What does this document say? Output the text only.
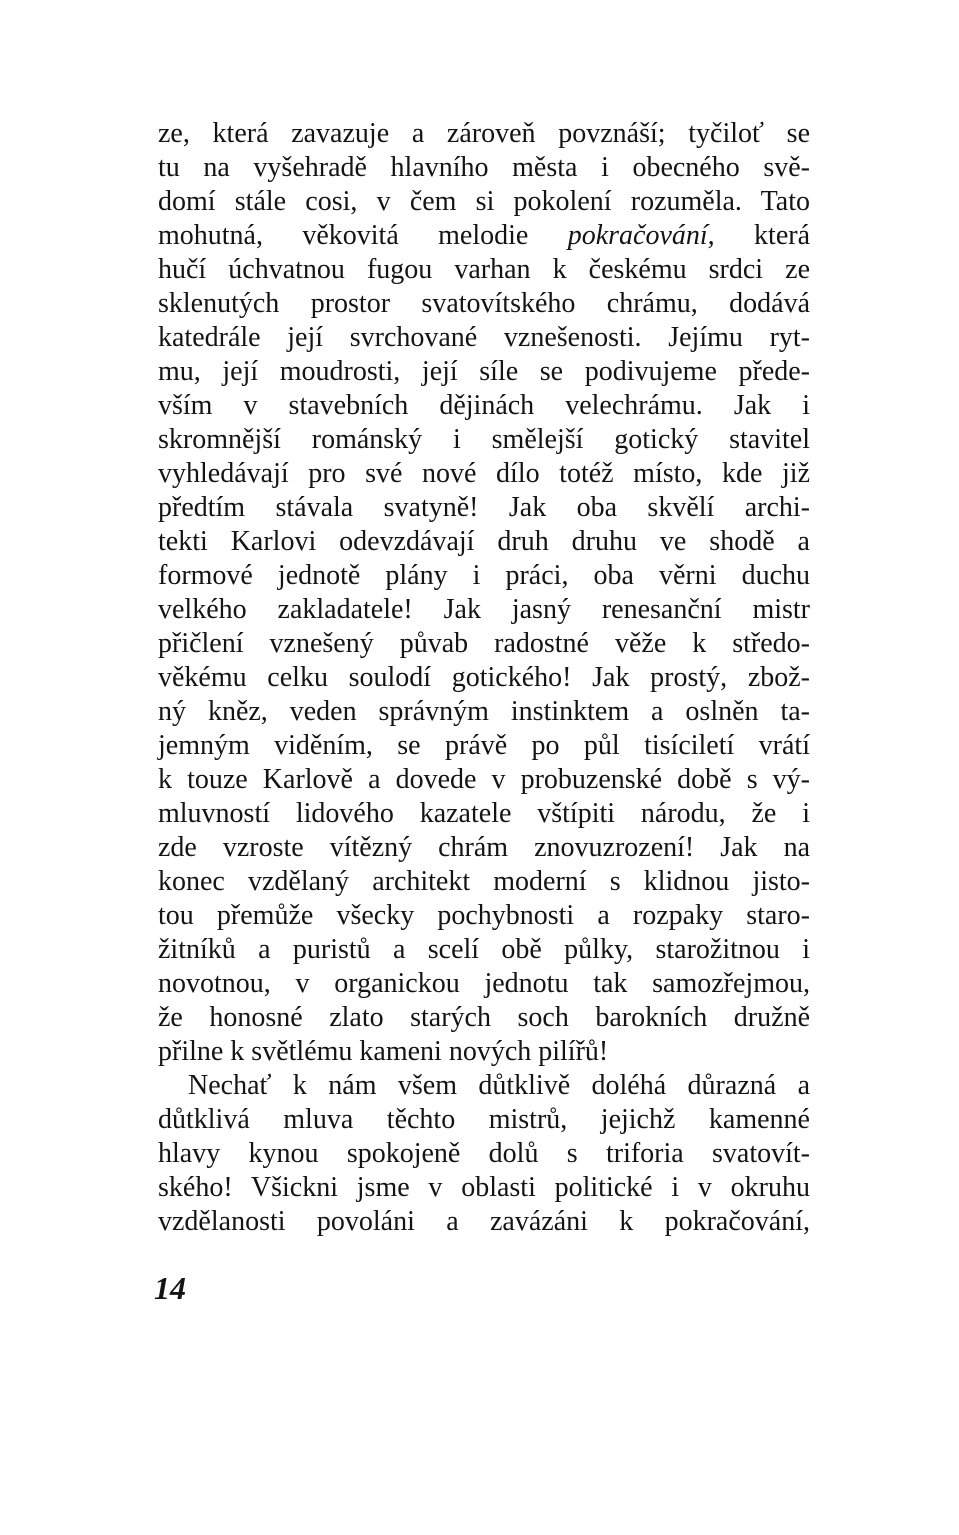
ze, která zavazuje a zároveň povznáší; tyčiloť se
tu na vyšehradě hlavního města i obecného svě-
domí stále cosi, v čem si pokolení rozuměla. Tato
mohutná, věkovitá melodie pokračování, která
hučí úchvatnou fugou varhan k českému srdci ze
sklenutých prostor svatovítského chrámu, dodává
katedrále její svrchované vznešenosti. Jejímu ryt-
mu, její moudrosti, její síle se podivujeme přede-
vším v stavebních dějinách velechrámu. Jak i
skromnější románský i smělejší gotický stavitel
vyhledávají pro své nové dílo totéž místo, kde již
předtím stávala svatyně! Jak oba skvělí archi-
tekti Karlovi odevzdávají druh druhu ve shodě a
formové jednotě plány i práci, oba věrni duchu
velkého zakladatele! Jak jasný renesanční mistr
přičlení vznešený půvab radostné věže k středo-
věkému celku soulodí gotického! Jak prostý, zbož-
ný kněz, veden správným instinktem a oslněn ta-
jemným viděním, se právě po půl tisíciletí vrátí
k touze Karlově a dovede v probuzenské době s vý-
mluvností lidového kazatele vštípiti národu, že i
zde vzroste vítězný chrám znovuzrození! Jak na
konec vzdělaný architekt moderní s klidnou jisto-
tou přemůže všecky pochybnosti a rozpaky staro-
žitníků a puristů a scelí obě půlky, starožitnou i
novotnou, v organickou jednotu tak samozřejmou,
že honosné zlato starých soch barokních družně
přilne k světlému kameni nových pilířů!
Nechať k nám všem důtklivě doléhá důrazná a
důtklivá mluva těchto mistrů, jejichž kamenné
hlavy kynou spokojeně dolů s triforia svatovít-
ského! Všickni jsme v oblasti politické i v okruhu
vzdělanosti povoláni a zavázáni k pokračování,
14
